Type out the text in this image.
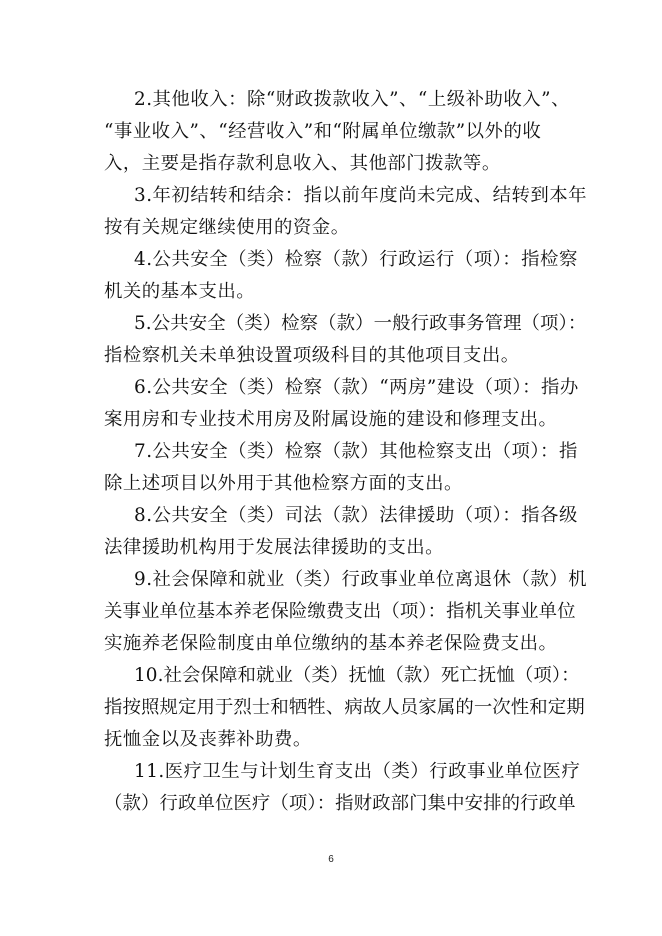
2.其他收入：除“财政拨款收入”、“上级补助收入”、
“事业收入”、“经营收入”和“附属单位缴款”以外的收
入，主要是指存款利息收入、其他部门拨款等。
3.年初结转和结余：指以前年度尚未完成、结转到本年
按有关规定继续使用的资金。
4.公共安全（类）检察（款）行政运行（项）：指检察
机关的基本支出。
5.公共安全（类）检察（款）一般行政事务管理（项）：
指检察机关未单独设置项级科目的其他项目支出。
6.公共安全（类）检察（款）“两房”建设（项）：指办
案用房和专业技术用房及附属设施的建设和修理支出。
7.公共安全（类）检察（款）其他检察支出（项）：指
除上述项目以外用于其他检察方面的支出。
8.公共安全（类）司法（款）法律援助（项）：指各级
法律援助机构用于发展法律援助的支出。
9.社会保障和就业（类）行政事业单位离退休（款）机
关事业单位基本养老保险缴费支出（项）：指机关事业单位
实施养老保险制度由单位缴纳的基本养老保险费支出。
10.社会保障和就业（类）抚恤（款）死亡抚恤（项）：
指按照规定用于烈士和牺牲、病故人员家属的一次性和定期
抚恤金以及丧葬补助费。
11.医疗卫生与计划生育支出（类）行政事业单位医疗
（款）行政单位医疗（项）：指财政部门集中安排的行政单
6
